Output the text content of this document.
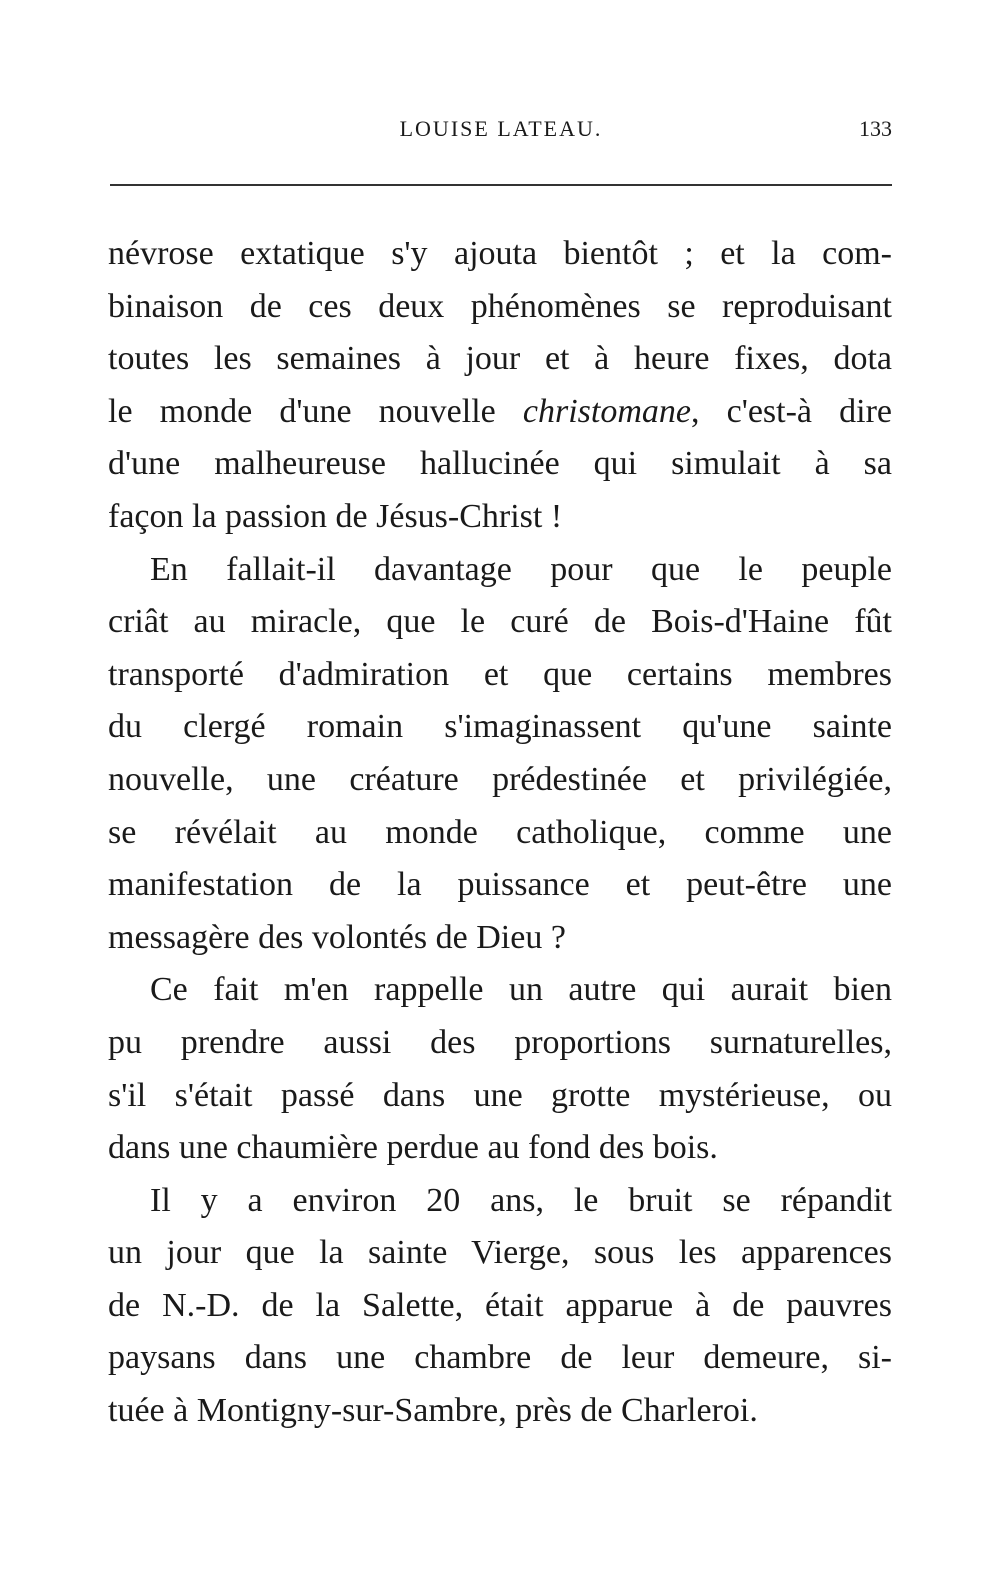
LOUISE LATEAU.	133
névrose extatique s'y ajouta bientôt ; et la com-
binaison de ces deux phénomènes se reproduisant
toutes les semaines à jour et à heure fixes, dota
le monde d'une nouvelle christomane, c'est-à dire
d'une malheureuse hallucinée qui simulait à sa
façon la passion de Jésus-Christ !
En fallait-il davantage pour que le peuple
criât au miracle, que le curé de Bois-d'Haine fût
transporté d'admiration et que certains membres
du clergé romain s'imaginassent qu'une sainte
nouvelle, une créature prédestinée et privilégiée,
se révélait au monde catholique, comme une
manifestation de la puissance et peut-être une
messagère des volontés de Dieu ?
Ce fait m'en rappelle un autre qui aurait bien
pu prendre aussi des proportions surnaturelles,
s'il s'était passé dans une grotte mystérieuse, ou
dans une chaumière perdue au fond des bois.
Il y a environ 20 ans, le bruit se répandit
un jour que la sainte Vierge, sous les apparences
de N.-D. de la Salette, était apparue à de pauvres
paysans dans une chambre de leur demeure, si-
tuée à Montigny-sur-Sambre, près de Charleroi.
